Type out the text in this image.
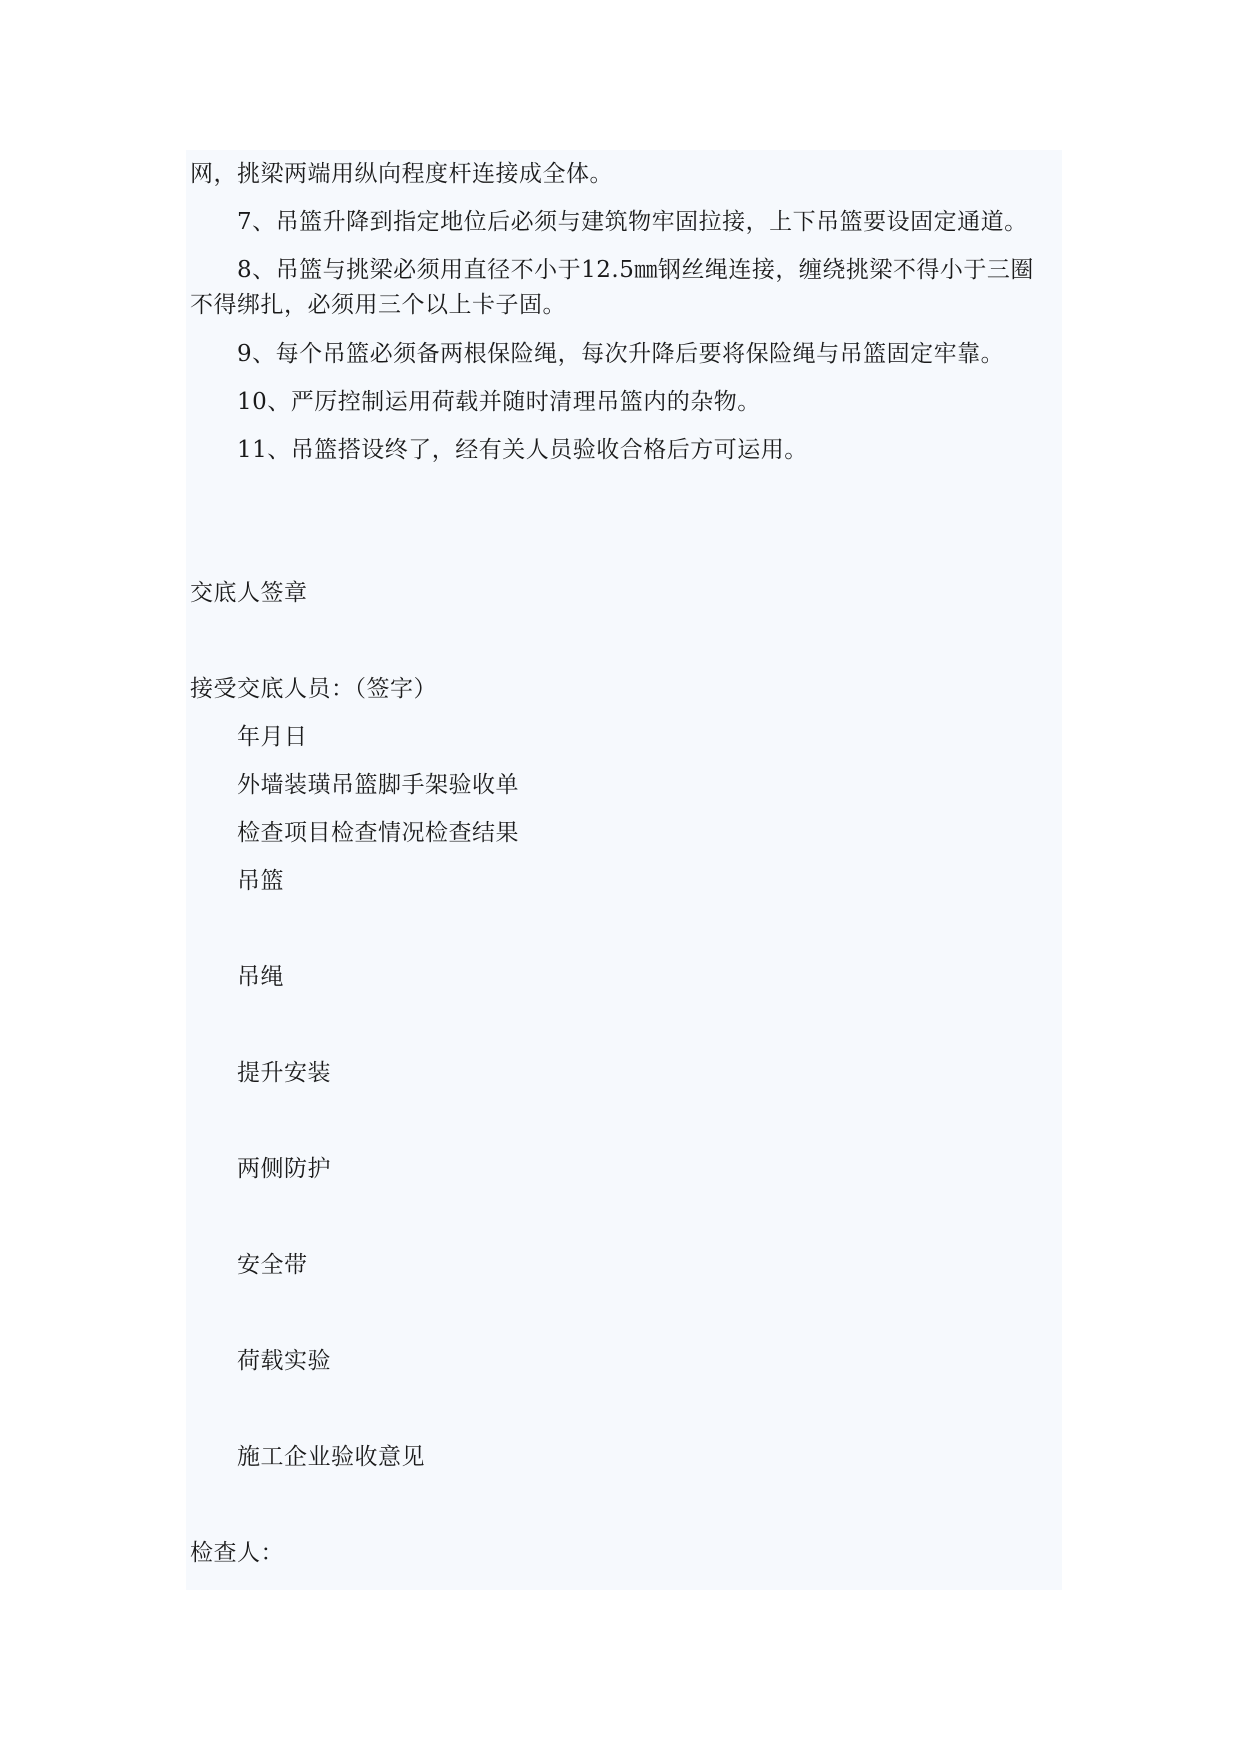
网，挑梁两端用纵向程度杆连接成全体。
7、吊篮升降到指定地位后必须与建筑物牢固拉接，上下吊篮要设固定通道。
8、吊篮与挑梁必须用直径不小于12.5㎜钢丝绳连接，缠绕挑梁不得小于三圈
不得绑扎，必须用三个以上卡子固。
9、每个吊篮必须备两根保险绳，每次升降后要将保险绳与吊篮固定牢靠。
10、严厉控制运用荷载并随时清理吊篮内的杂物。
11、吊篮搭设终了，经有关人员验收合格后方可运用。
交底人签章
接受交底人员：（签字）
年月日
外墙装璜吊篮脚手架验收单
检查项目检查情况检查结果
吊篮
吊绳
提升安装
两侧防护
安全带
荷载实验
施工企业验收意见
检查人：
